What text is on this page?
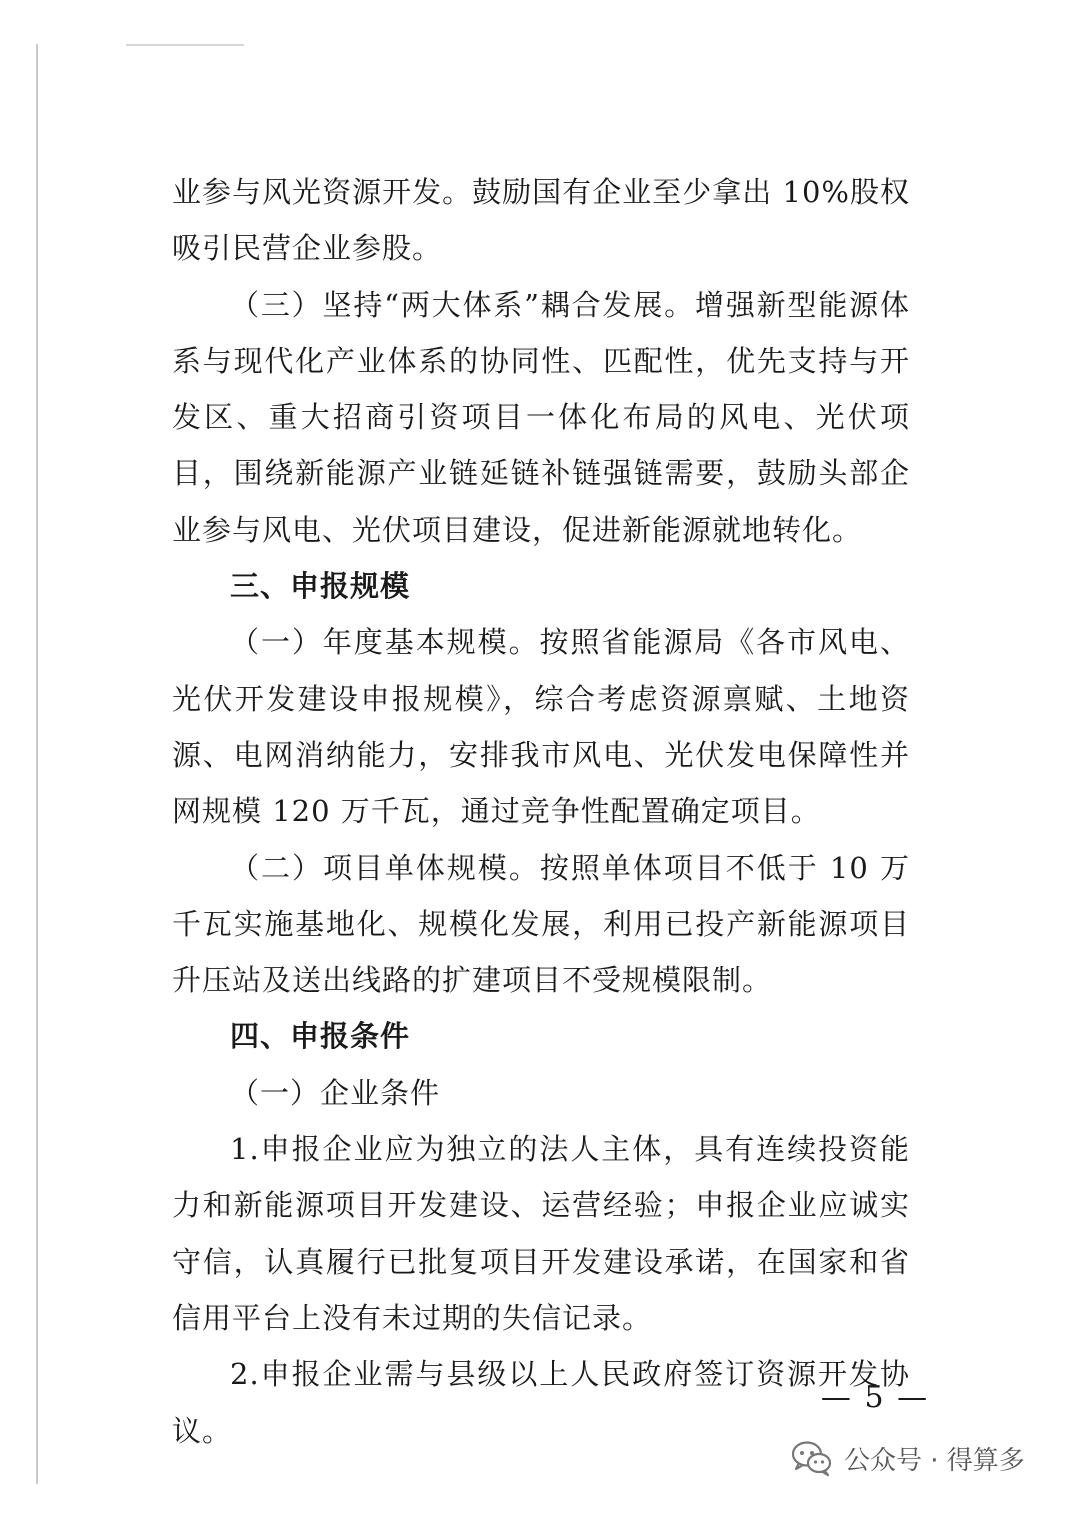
业参与风光资源开发。鼓励国有企业至少拿出 10%股权吸引民营企业参股。

（三）坚持“两大体系”耦合发展。增强新型能源体系与现代化产业体系的协同性、匹配性，优先支持与开发区、重大招商引资项目一体化布局的风电、光伏项目，围绕新能源产业链延链补链强链需要，鼓励头部企业参与风电、光伏项目建设，促进新能源就地转化。

三、申报规模

（一）年度基本规模。按照省能源局《各市风电、光伏开发建设申报规模》，综合考虑资源禀赋、土地资源、电网消纳能力，安排我市风电、光伏发电保障性并网规模 120 万千瓦，通过竞争性配置确定项目。

（二）项目单体规模。按照单体项目不低于 10 万千瓦实施基地化、规模化发展，利用已投产新能源项目升压站及送出线路的扩建项目不受规模限制。

四、申报条件

（一）企业条件

1.申报企业应为独立的法人主体，具有连续投资能力和新能源项目开发建设、运营经验；申报企业应诚实守信，认真履行已批复项目开发建设承诺，在国家和省信用平台上没有未过期的失信记录。

2.申报企业需与县级以上人民政府签订资源开发协议。

— 5 —
公众号 · 得算多
